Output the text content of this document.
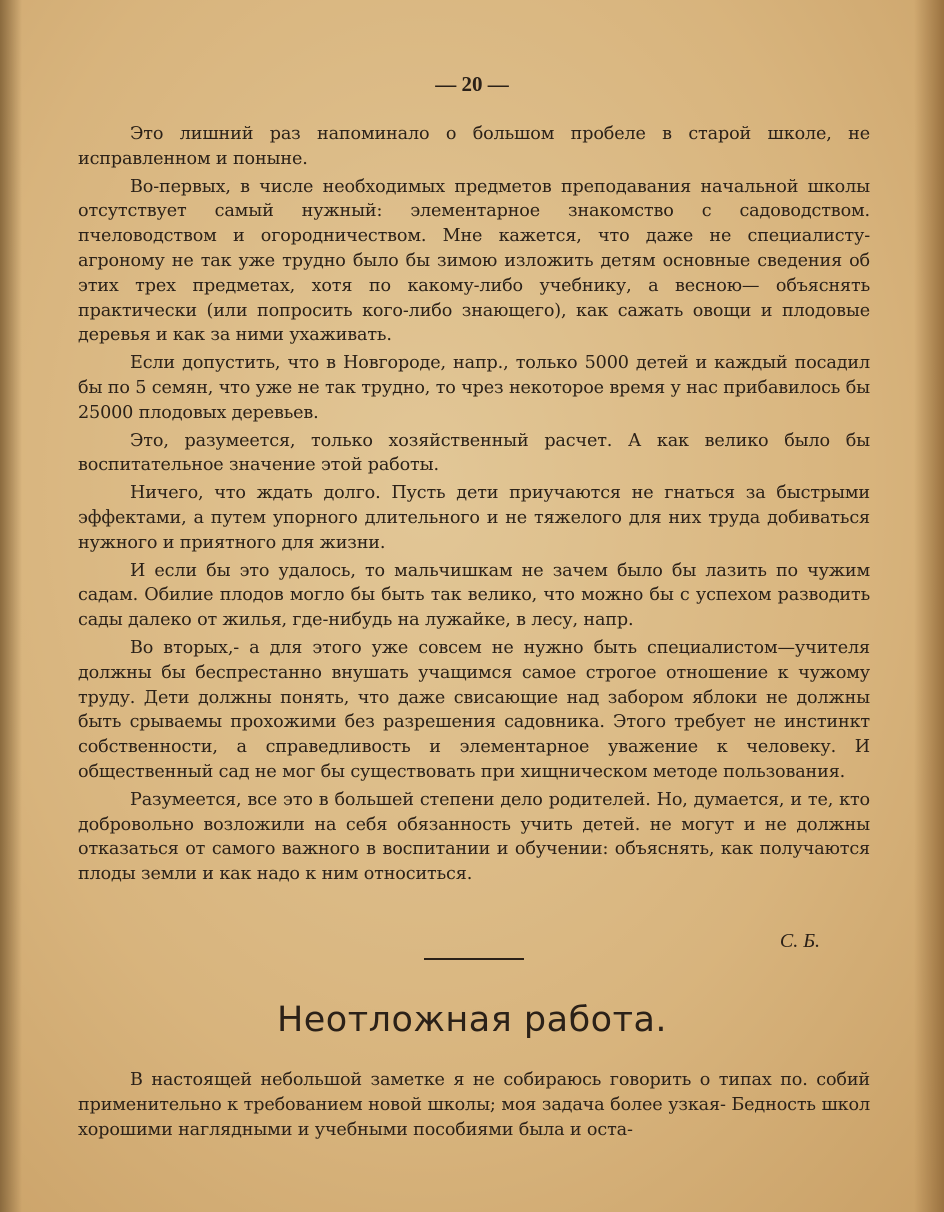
— 20 —

Это лишний раз напоминало о большом пробеле в старой школе, не исправленном и поныне.

Во-первых, в числе необходимых предметов преподавания начальной школы отсутствует самый нужный: элементарное знакомство с садоводством. пчеловодством и огородничеством. Мне кажется, что даже не специалисту-агроному не так уже трудно было бы зимою изложить детям основные сведения об этих трех предметах, хотя по какому-либо учебнику, а весною— объяснять практически (или попросить кого-либо знающего), как сажать овощи и плодовые деревья и как за ними ухаживать.

Если допустить, что в Новгороде, напр., только 5000 детей и каждый посадил бы по 5 семян, что уже не так трудно, то чрез некоторое время у нас прибавилось бы 25000 плодовых деревьев.

Это, разумеется, только хозяйственный расчет. А как велико было бы воспитательное значение этой работы.

Ничего, что ждать долго. Пусть дети приучаются не гнаться за быстрыми эффектами, а путем упорного длительного и не тяжелого для них труда добиваться нужного и приятного для жизни.

И если бы это удалось, то мальчишкам не зачем было бы лазить по чужим садам. Обилие плодов могло бы быть так велико, что можно бы с успехом разводить сады далеко от жилья, где-нибудь на лужайке, в лесу, напр.

Во вторых,- а для этого уже совсем не нужно быть специалистом—учителя должны бы беспрестанно внушать учащимся самое строгое отношение к чужому труду. Дети должны понять, что даже свисающие над забором яблоки не должны быть срываемы прохожими без разрешения садовника. Этого требует не инстинкт собственности, а справедливость и элементарное уважение к человеку. И общественный сад не мог бы существовать при хищническом методе пользования.

Разумеется, все это в большей степени дело родителей. Но, думается, и те, кто добровольно возложили на себя обязанность учить детей. не могут и не должны отказаться от самого важного в воспитании и обучении: объяснять, как получаются плоды земли и как надо к ним относиться.

С. Б.
Неотложная работа.

В настоящей небольшой заметке я не собираюсь говорить о типах по. собий применительно к требованием новой школы; моя задача более узкая- Бедность школ хорошими наглядными и учебными пособиями была и оста-
